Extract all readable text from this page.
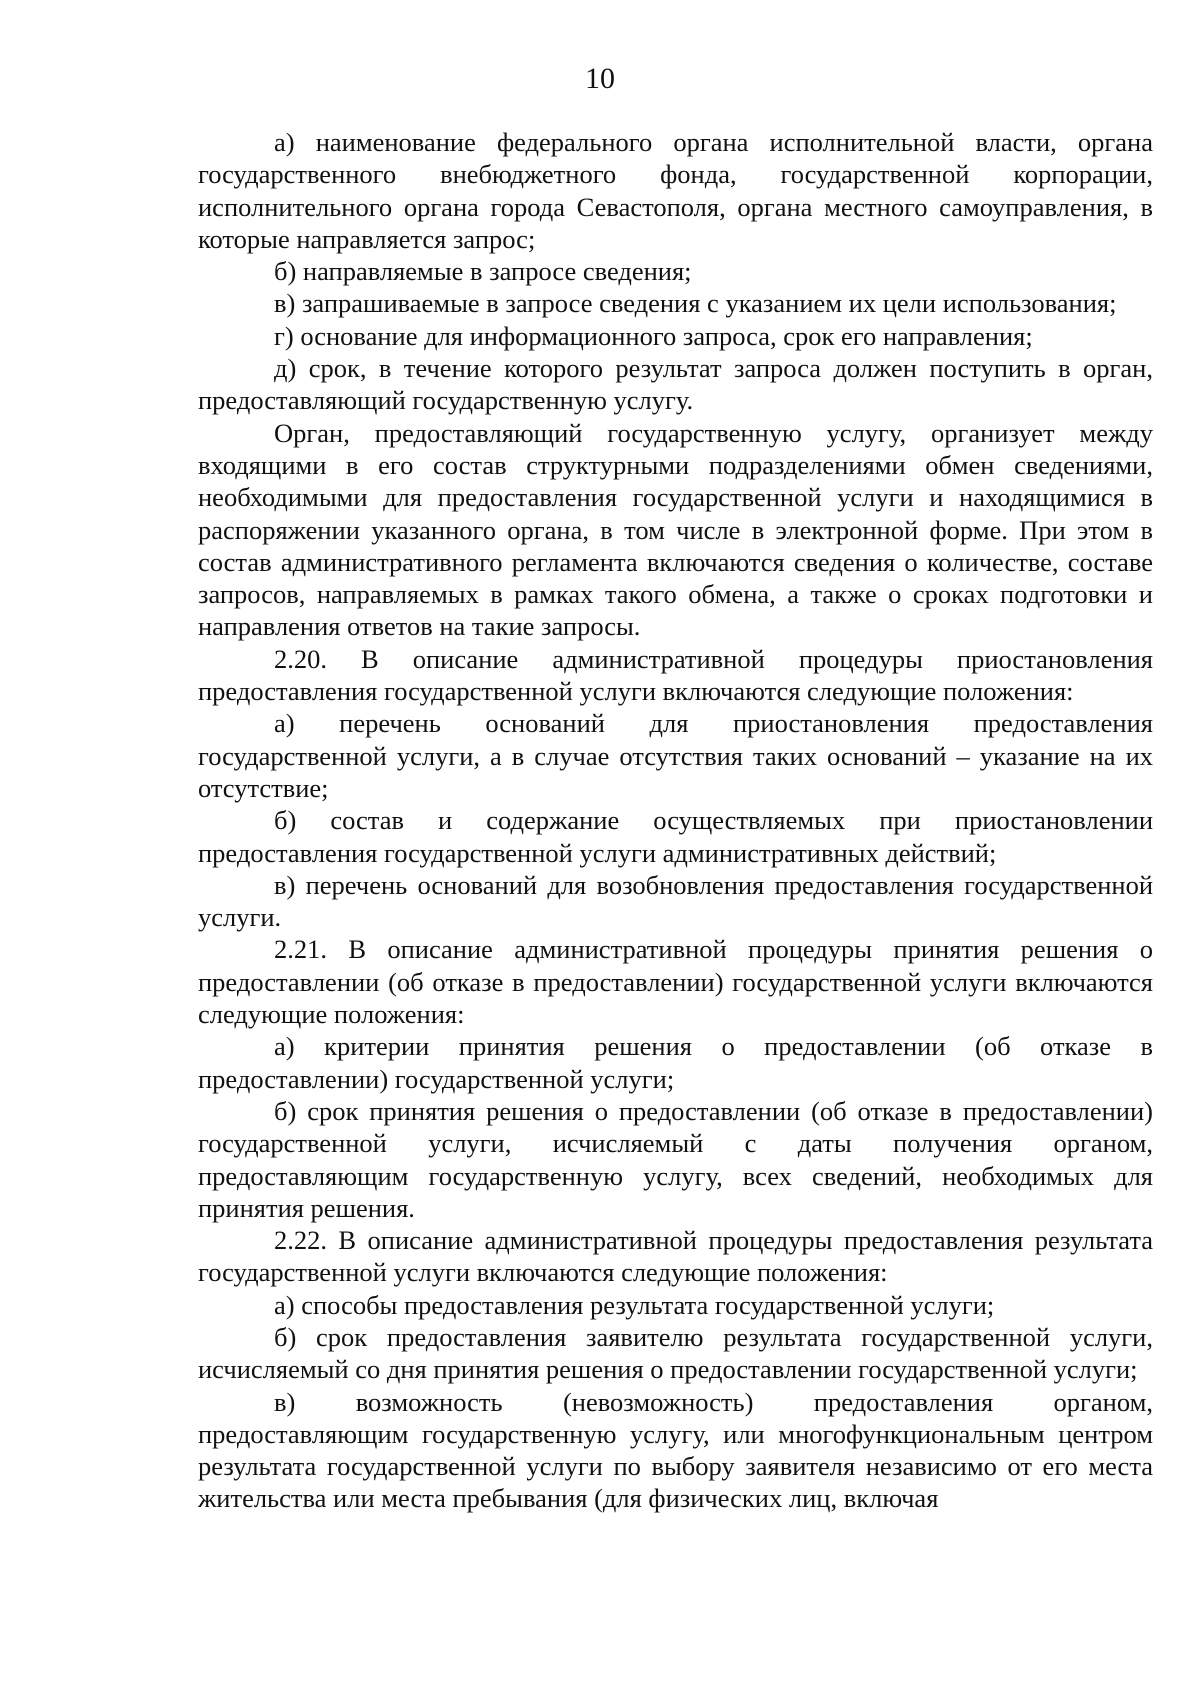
10

а) наименование федерального органа исполнительной власти, органа государственного внебюджетного фонда, государственной корпорации, исполнительного органа города Севастополя, органа местного самоуправления, в которые направляется запрос;

б) направляемые в запросе сведения;

в) запрашиваемые в запросе сведения с указанием их цели использования;

г) основание для информационного запроса, срок его направления;

д) срок, в течение которого результат запроса должен поступить в орган, предоставляющий государственную услугу.

Орган, предоставляющий государственную услугу, организует между входящими в его состав структурными подразделениями обмен сведениями, необходимыми для предоставления государственной услуги и находящимися в распоряжении указанного органа, в том числе в электронной форме. При этом в состав административного регламента включаются сведения о количестве, составе запросов, направляемых в рамках такого обмена, а также о сроках подготовки и направления ответов на такие запросы.

2.20. В описание административной процедуры приостановления предоставления государственной услуги включаются следующие положения:

а) перечень оснований для приостановления предоставления государственной услуги, а в случае отсутствия таких оснований – указание на их отсутствие;

б) состав и содержание осуществляемых при приостановлении предоставления государственной услуги административных действий;

в) перечень оснований для возобновления предоставления государственной услуги.

2.21. В описание административной процедуры принятия решения о предоставлении (об отказе в предоставлении) государственной услуги включаются следующие положения:

а) критерии принятия решения о предоставлении (об отказе в предоставлении) государственной услуги;

б) срок принятия решения о предоставлении (об отказе в предоставлении) государственной услуги, исчисляемый с даты получения органом, предоставляющим государственную услугу, всех сведений, необходимых для принятия решения.

2.22. В описание административной процедуры предоставления результата государственной услуги включаются следующие положения:

а) способы предоставления результата государственной услуги;

б) срок предоставления заявителю результата государственной услуги, исчисляемый со дня принятия решения о предоставлении государственной услуги;

в) возможность (невозможность) предоставления органом, предоставляющим государственную услугу, или многофункциональным центром результата государственной услуги по выбору заявителя независимо от его места жительства или места пребывания (для физических лиц, включая
